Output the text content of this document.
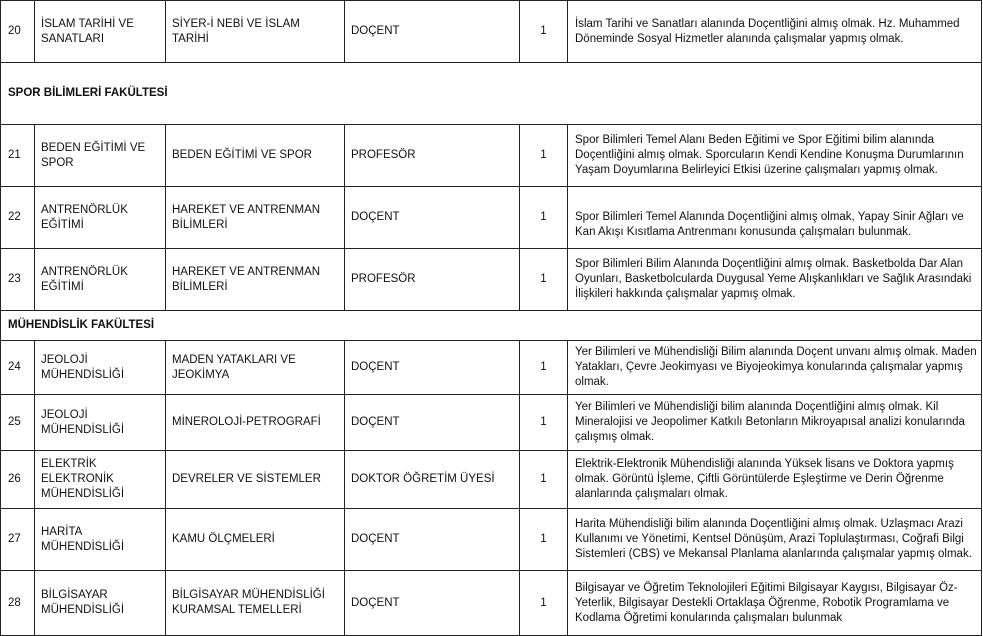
20	İSLAM TARİHİ VE SANATLARI	SİYER-İ NEBİ VE İSLAM TARİHİ	DOÇENT	1	İslam Tarihi ve Sanatları alanında Doçentliğini almış olmak. Hz. Muhammed Döneminde Sosyal Hizmetler alanında çalışmalar yapmış olmak.
SPOR BİLİMLERİ FAKÜLTESİ					
21	BEDEN EĞİTİMİ VE SPOR	BEDEN EĞİTİMİ VE SPOR	PROFESÖR	1	Spor Bilimleri Temel Alanı Beden Eğitimi ve Spor Eğitimi bilim alanında Doçentliğini almış olmak. Sporcuların Kendi Kendine Konuşma Durumlarının Yaşam Doyumlarına Belirleyici Etkisi üzerine çalışmaları yapmış olmak.
22	ANTRENÖRLÜK EĞİTİMİ	HAREKET VE ANTRENMAN BİLİMLERİ	DOÇENT	1	Spor Bilimleri Temel Alanında Doçentliğini almış olmak, Yapay Sinir Ağları ve Kan Akışı Kısıtlama Antrenmanı konusunda çalışmaları bulunmak.
23	ANTRENÖRLÜK EĞİTİMİ	HAREKET VE ANTRENMAN BİLİMLERİ	PROFESÖR	1	Spor Bilimleri Bilim Alanında Doçentliğini almış olmak. Basketbolda Dar Alan Oyunları, Basketbolcularda Duygusal Yeme Alışkanlıkları ve Sağlık Arasındaki İlişkileri hakkında çalışmalar yapmış olmak.
MÜHENDİSLİK FAKÜLTESİ					
24	JEOLOJİ MÜHENDİSLİĞİ	MADEN YATAKLARI VE JEOKİMYA	DOÇENT	1	Yer Bilimleri ve Mühendisliği Bilim alanında Doçent unvanı almış olmak. Maden Yatakları, Çevre Jeokimyası ve Biyojeokimya konularında çalışmalar yapmış olmak.
25	JEOLOJİ MÜHENDİSLİĞİ	MİNEROLOJİ-PETROGRAFİ	DOÇENT	1	Yer Bilimleri ve Mühendisliği bilim alanında Doçentliğini almış olmak. Kil Mineralojisi ve Jeopolimer Katkılı Betonların Mikroyapısal analizi konularında çalışmış olmak.
26	ELEKTRİK ELEKTRONİK MÜHENDİSLİĞİ	DEVRELER VE SİSTEMLER	DOKTOR ÖĞRETİM ÜYESİ	1	Elektrik-Elektronik Mühendisliği alanında Yüksek lisans ve Doktora yapmış olmak. Görüntü İşleme, Çiftli Görüntülerde Eşleştirme ve Derin Öğrenme alanlarında çalışmaları olmak.
27	HARİTA MÜHENDİSLİĞİ	KAMU ÖLÇMELERİ	DOÇENT	1	Harita Mühendisliği bilim alanında Doçentliğini almış olmak. Uzlaşmacı Arazi Kullanımı ve Yönetimi, Kentsel Dönüşüm, Arazi Toplulaştırması, Coğrafi Bilgi Sistemleri (CBS) ve Mekansal Planlama alanlarında çalışmalar yapmış olmak.
28	BİLGİSAYAR MÜHENDİSLİĞİ	BİLGİSAYAR MÜHENDİSLİĞİ KURAMSAL TEMELLERİ	DOÇENT	1	Bilgisayar ve Öğretim Teknolojileri Eğitimi Bilgisayar Kaygısı, Bilgisayar Öz-Yeterlik, Bilgisayar Destekli Ortaklaşa Öğrenme, Robotik Programlama ve Kodlama Öğretimi konularında çalışmaları bulunmak
